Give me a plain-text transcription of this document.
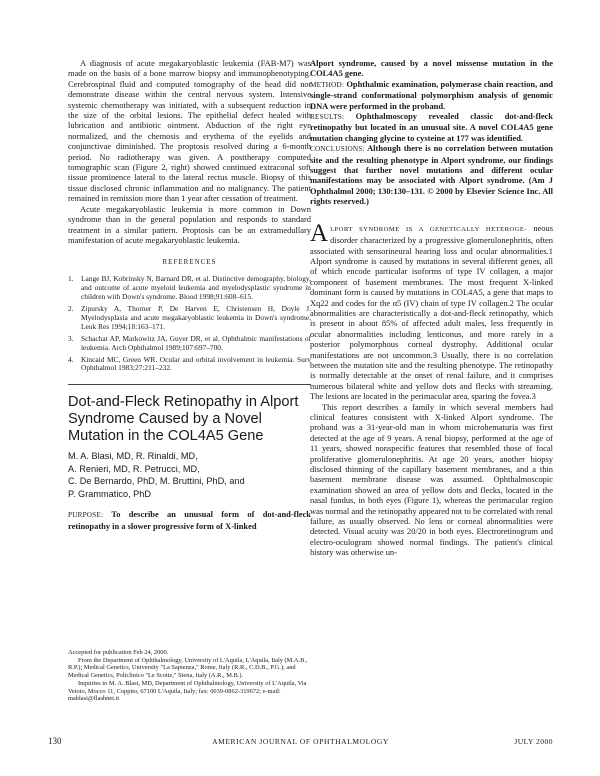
A diagnosis of acute megakaryoblastic leukemia (FAB-M7) was made on the basis of a bone marrow biopsy and immunophenotyping. Cerebrospinal fluid and computed tomography of the head did not demonstrate disease within the central nervous system. Intensive systemic chemotherapy was initiated, with a subsequent reduction in the size of the orbital lesions. The epithelial defect healed with lubrication and antibiotic ointment. Abduction of the right eye normalized, and the chemosis and erythema of the eyelids and conjunctivae diminished. The proptosis resolved during a 6-month period. No radiotherapy was given. A posttherapy computed tomographic scan (Figure 2, right) showed continued extraconal soft tissue prominence lateral to the lateral rectus muscle. Biopsy of this tissue disclosed chronic inflammation and no malignancy. The patient remained in remission more than 1 year after cessation of treatment.

Acute megakaryoblastic leukemia is more common in Down syndrome than in the general population and responds to standard treatment in a similar pattern. Proptosis can be an extramedullary manifestation of acute megakaryoblastic leukemia.

REFERENCES
1. Lange BJ, Kobrinsky N, Barnard DR, et al. Distinctive demography, biology, and outcome of acute myeloid leukemia and myelodysplastic syndrome in children with Down's syndrome. Blood 1998;91:608–615.
2. Zipursky A, Thorner P, De Harven E, Christensen H, Doyle J. Myelodysplasia and acute megakaryoblastic leukemia in Down's syndrome. Leuk Res 1994;18:163–171.
3. Schachat AP, Markowitz JA, Guyer DR, et al. Ophthalmic manifestations of leukemia. Arch Ophthalmol 1989;107:697–700.
4. Kincaid MC, Green WR. Ocular and orbital involvement in leukemia. Surv Ophthalmol 1983;27:211–232.
Dot-and-Fleck Retinopathy in Alport Syndrome Caused by a Novel Mutation in the COL4A5 Gene
M. A. Blasi, MD, R. Rinaldi, MD,
A. Renieri, MD, R. Petrucci, MD,
C. De Bernardo, PhD, M. Bruttini, PhD, and
P. Grammatico, PhD

PURPOSE: To describe an unusual form of dot-and-fleck retinopathy in a slower progressive form of X-linked

Accepted for publication Feb 24, 2000.

From the Department of Ophthalmology, University of L'Aquila, L'Aquila, Italy (M.A.B., R.P.); Medical Genetics, University "La Sapienza," Rome, Italy (R.R., C.D.B., P.G.); and Medical Genetics, Policlinico "Le Scotte," Siena, Italy (A.R., M.B.).

Inquiries to M. A. Blasi, MD, Department of Ophthalmology, University of L'Aquila, Via Vetoio, Mocco 11, Coppito, 67100 L'Aquila, Italy; fax: 0039-0862-319672; e-mail: mablasi@flashnet.it

Alport syndrome, caused by a novel missense mutation in the COL4A5 gene.

METHOD: Ophthalmic examination, polymerase chain reaction, and single-strand conformational polymorphism analysis of genomic DNA were performed in the proband.

RESULTS: Ophthalmoscopy revealed classic dot-and-fleck retinopathy but located in an unusual site. A novel COL4A5 gene mutation changing glycine to cysteine at 177 was identified.

CONCLUSIONS: Although there is no correlation between mutation site and the resulting phenotype in Alport syndrome, our findings suggest that further novel mutations and different ocular manifestations may be associated with Alport syndrome. (Am J Ophthalmol 2000; 130:130–131. © 2000 by Elsevier Science Inc. All rights reserved.)

ALPORT SYNDROME IS A GENETICALLY HETEROGE- neous disorder characterized by a progressive glomerulonephritis, often associated with sensorineural hearing loss and ocular abnormalities.1 Alport syndrome is caused by mutations in several different genes, all of which encode particular isoforms of type IV collagen, a major component of basement membranes. The most frequent X-linked dominant form is caused by mutations in COL4A5, a gene that maps to Xq22 and codes for the α5 (IV) chain of type IV collagen.2 The ocular abnormalities are characteristically a dot-and-fleck retinopathy, which is present in about 85% of affected adult males, less frequently in ocular abnormalities including lenticonus, and more rarely in a posterior polymorphous corneal dystrophy. Additional ocular manifestations are not uncommon.3 Usually, there is no correlation between the mutation site and the resulting phenotype. The retinopathy is normally detectable at the onset of renal failure, and it comprises numerous bilateral white and yellow dots and flecks with streaming. The lesions are located in the perimacular area, sparing the fovea.3

This report describes a family in which several members had clinical features consistent with X-linked Alport syndrome. The proband was a 31-year-old man in whom microhematuria was first detected at the age of 9 years. A renal biopsy, performed at the age of 11 years, showed nonspecific features that resembled those of focal proliferative glomerulonephritis. At age 20 years, another biopsy disclosed thinning of the capillary basement membranes, and a thin basement membrane disease was assumed. Ophthalmoscopic examination showed an area of yellow dots and flecks, located in the nasal fundus, in both eyes (Figure 1), whereas the perimacular region was normal and the retinopathy appeared not to be correlated with renal failure, as usually observed. No lens or corneal abnormalities were detected. Visual acuity was 20/20 in both eyes. Electroretinogram and electro-oculogram showed normal findings. The patient's clinical history was otherwise un-

130	AMERICAN JOURNAL OF OPHTHALMOLOGY	JULY 2000
